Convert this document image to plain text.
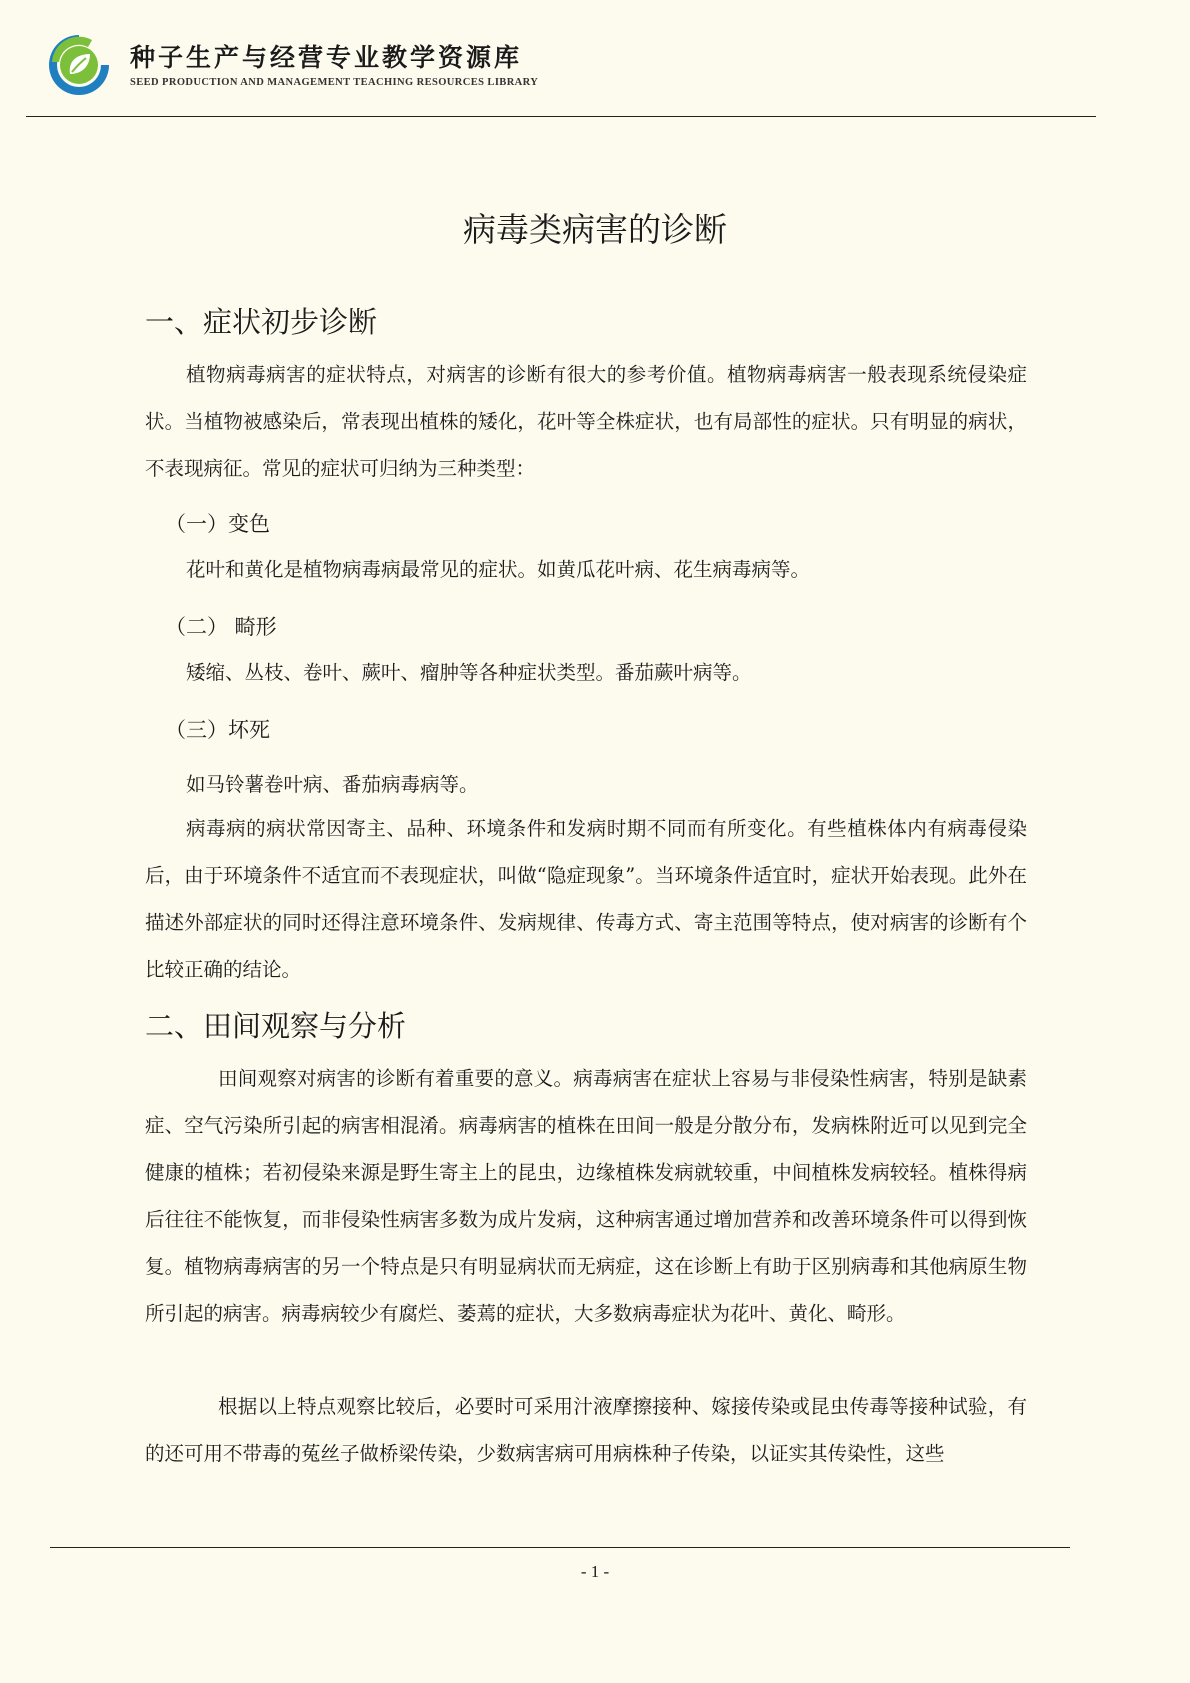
种子生产与经营专业教学资源库
SEED PRODUCTION AND MANAGEMENT TEACHING RESOURCES LIBRARY
病毒类病害的诊断
一、症状初步诊断

植物病毒病害的症状特点，对病害的诊断有很大的参考价值。植物病毒病害一般表现系统侵染症状。当植物被感染后，常表现出植株的矮化，花叶等全株症状，也有局部性的症状。只有明显的病状，不表现病征。常见的症状可归纳为三种类型：

（一）变色

花叶和黄化是植物病毒病最常见的症状。如黄瓜花叶病、花生病毒病等。

（二） 畸形

矮缩、丛枝、卷叶、蕨叶、瘤肿等各种症状类型。番茄蕨叶病等。

（三）坏死

如马铃薯卷叶病、番茄病毒病等。

病毒病的病状常因寄主、品种、环境条件和发病时期不同而有所变化。有些植株体内有病毒侵染后，由于环境条件不适宜而不表现症状，叫做“隐症现象”。当环境条件适宜时，症状开始表现。此外在描述外部症状的同时还得注意环境条件、发病规律、传毒方式、寄主范围等特点，使对病害的诊断有个比较正确的结论。

二、田间观察与分析

田间观察对病害的诊断有着重要的意义。病毒病害在症状上容易与非侵染性病害，特别是缺素症、空气污染所引起的病害相混淆。病毒病害的植株在田间一般是分散分布，发病株附近可以见到完全健康的植株；若初侵染来源是野生寄主上的昆虫，边缘植株发病就较重，中间植株发病较轻。植株得病后往往不能恢复，而非侵染性病害多数为成片发病，这种病害通过增加营养和改善环境条件可以得到恢复。植物病毒病害的另一个特点是只有明显病状而无病症，这在诊断上有助于区别病毒和其他病原生物所引起的病害。病毒病较少有腐烂、萎蔫的症状，大多数病毒症状为花叶、黄化、畸形。

根据以上特点观察比较后，必要时可采用汁液摩擦接种、嫁接传染或昆虫传毒等接种试验，有的还可用不带毒的菟丝子做桥梁传染，少数病害病可用病株种子传染，以证实其传染性，这些

- 1 -
